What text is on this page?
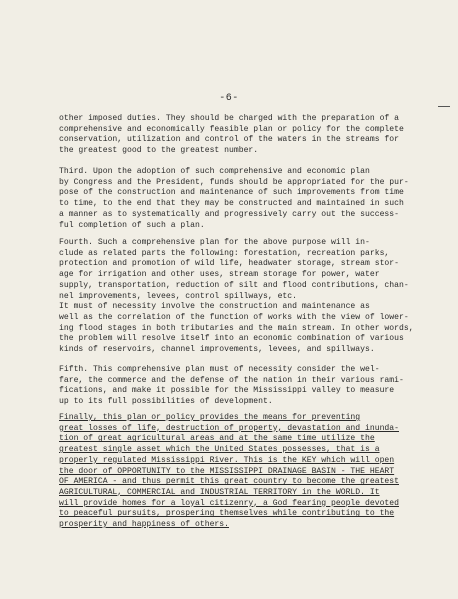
-6-
other imposed duties. They should be charged with the preparation of a
comprehensive and economically feasible plan or policy for the complete
conservation, utilization and control of the waters in the streams for
the greatest good to the greatest number.
Third. Upon the adoption of such comprehensive and economic plan
by Congress and the President, funds should be appropriated for the pur-
pose of the construction and maintenance of such improvements from time
to time, to the end that they may be constructed and maintained in such
a manner as to systematically and progressively carry out the success-
ful completion of such a plan.
Fourth. Such a comprehensive plan for the above purpose will in-
clude as related parts the following: forestation, recreation parks,
protection and promotion of wild life, headwater storage, stream stor-
age for irrigation and other uses, stream storage for power, water
supply, transportation, reduction of silt and flood contributions, chan-
nel improvements, levees, control spillways, etc.
It must of necessity involve the construction and maintenance as
well as the correlation of the function of works with the view of lower-
ing flood stages in both tributaries and the main stream. In other words,
the problem will resolve itself into an economic combination of various
kinds of reservoirs, channel improvements, levees, and spillways.
Fifth. This comprehensive plan must of necessity consider the wel-
fare, the commerce and the defense of the nation in their various rami-
fications, and make it possible for the Mississippi valley to measure
up to its full possibilities of development.
Finally, this plan or policy provides the means for preventing
great losses of life, destruction of property, devastation and inunda-
tion of great agricultural areas and at the same time utilize the
greatest single asset which the United States possesses, that is a
properly regulated Mississippi River. This is the KEY which will open
the door of OPPORTUNITY to the MISSISSIPPI DRAINAGE BASIN - THE HEART
OF AMERICA - and thus permit this great country to become the greatest
AGRICULTURAL, COMMERCIAL and INDUSTRIAL TERRITORY in the WORLD. It
will provide homes for a loyal citizenry, a God fearing people devoted
to peaceful pursuits, prospering themselves while contributing to the
prosperity and happiness of others.
